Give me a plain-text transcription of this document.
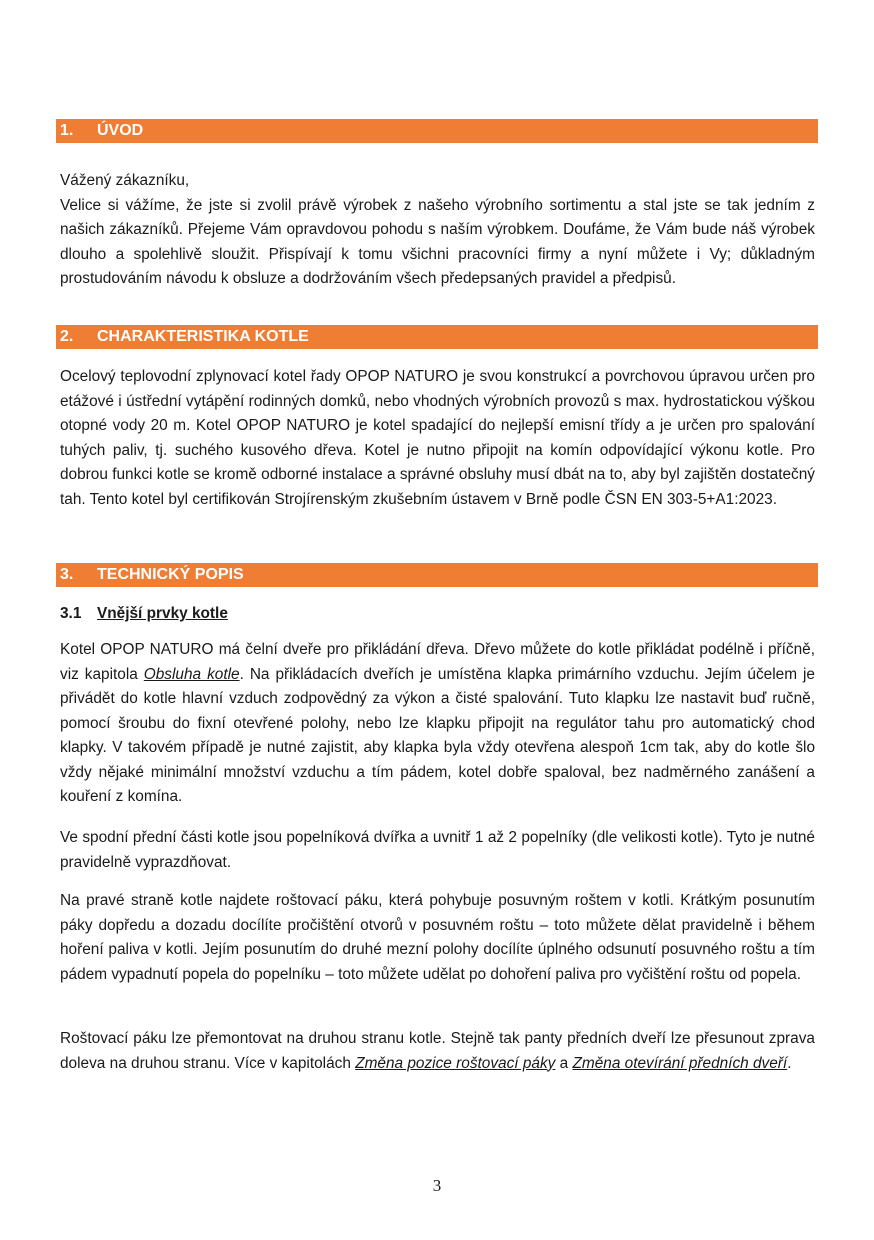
1. ÚVOD

Vážený zákazníku,

Velice si vážíme, že jste si zvolil právě výrobek z našeho výrobního sortimentu a stal jste se tak jedním z našich zákazníků. Přejeme Vám opravdovou pohodu s naším výrobkem. Doufáme, že Vám bude náš výrobek dlouho a spolehlivě sloužit. Přispívají k tomu všichni pracovníci firmy a nyní můžete i Vy; důkladným prostudováním návodu k obsluze a dodržováním všech předepsaných pravidel a předpisů.

2. CHARAKTERISTIKA KOTLE

Ocelový teplovodní zplynovací kotel řady OPOP NATURO je svou konstrukcí a povrchovou úpravou určen pro etážové i ústřední vytápění rodinných domků, nebo vhodných výrobních provozů s max. hydrostatickou výškou otopné vody 20 m. Kotel OPOP NATURO je kotel spadající do nejlepší emisní třídy a je určen pro spalování tuhých paliv, tj. suchého kusového dřeva. Kotel je nutno připojit na komín odpovídající výkonu kotle. Pro dobrou funkci kotle se kromě odborné instalace a správné obsluhy musí dbát na to, aby byl zajištěn dostatečný tah. Tento kotel byl certifikován Strojírenským zkušebním ústavem v Brně podle ČSN EN 303-5+A1:2023.

3. TECHNICKÝ POPIS
3.1 Vnější prvky kotle

Kotel OPOP NATURO má čelní dveře pro přikládání dřeva. Dřevo můžete do kotle přikládat podélně i příčně, viz kapitola Obsluha kotle. Na přikládacích dveřích je umístěna klapka primárního vzduchu. Jejím účelem je přivádět do kotle hlavní vzduch zodpovědný za výkon a čisté spalování. Tuto klapku lze nastavit buď ručně, pomocí šroubu do fixní otevřené polohy, nebo lze klapku připojit na regulátor tahu pro automatický chod klapky. V takovém případě je nutné zajistit, aby klapka byla vždy otevřena alespoň 1cm tak, aby do kotle šlo vždy nějaké minimální množství vzduchu a tím pádem, kotel dobře spaloval, bez nadměrného zanášení a kouření z komína.

Ve spodní přední části kotle jsou popelníková dvířka a uvnitř 1 až 2 popelníky (dle velikosti kotle). Tyto je nutné pravidelně vyprazdňovat.

Na pravé straně kotle najdete roštovací páku, která pohybuje posuvným roštem v kotli. Krátkým posunutím páky dopředu a dozadu docílíte pročištění otvorů v posuvném roštu – toto můžete dělat pravidelně i během hoření paliva v kotli. Jejím posunutím do druhé mezní polohy docílíte úplného odsunutí posuvného roštu a tím pádem vypadnutí popela do popelníku – toto můžete udělat po dohoření paliva pro vyčištění roštu od popela.

Roštovací páku lze přemontovat na druhou stranu kotle. Stejně tak panty předních dveří lze přesunout zprava doleva na druhou stranu. Více v kapitolách Změna pozice roštovací páky a Změna otevírání předních dveří.

3
